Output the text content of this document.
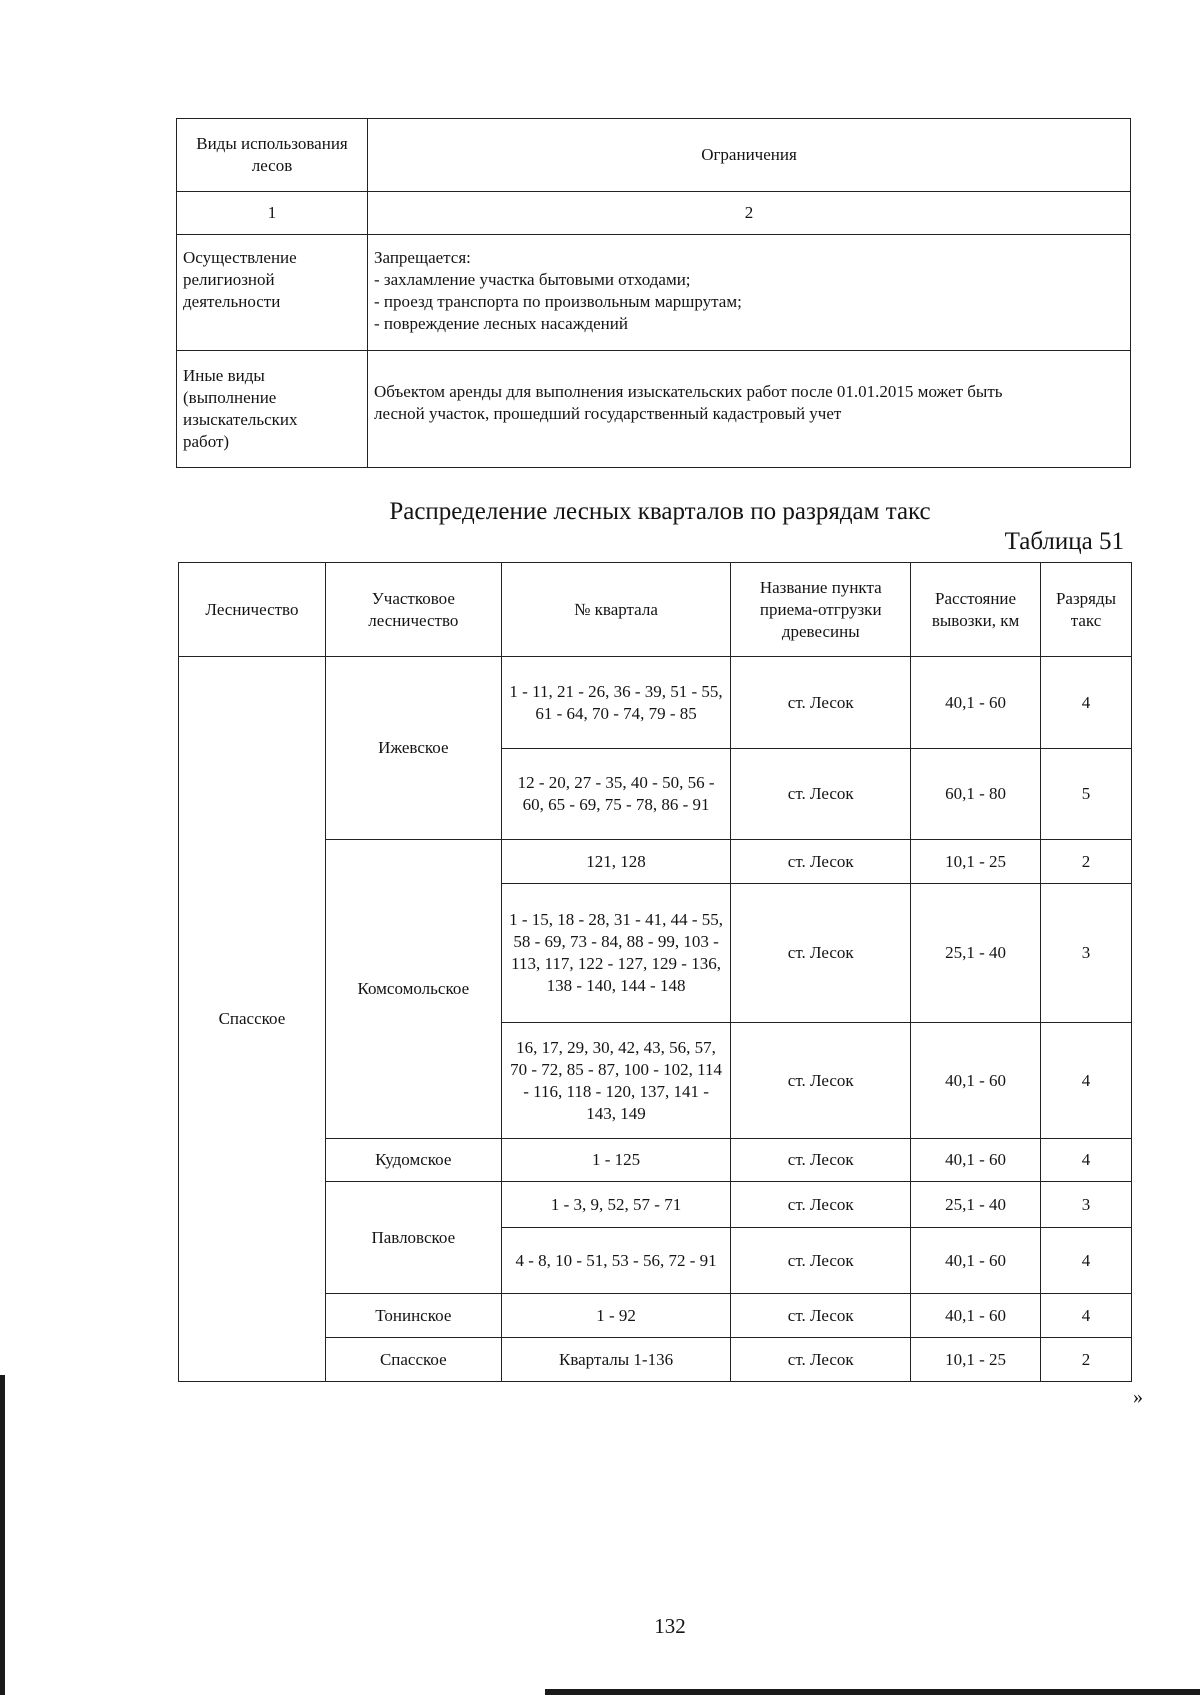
Виды использования лесов	Ограничения
1	2

Осуществление
религиозной
деятельности	Запрещается:
- захламление участка бытовыми отходами;
- проезд транспорта по произвольным маршрутам;
- повреждение лесных насаждений

Иные виды
(выполнение
изыскательских
работ)	Объектом аренды для выполнения изыскательских работ после 01.01.2015 может быть
лесной участок, прошедший государственный кадастровый учет
Распределение лесных кварталов по разрядам такс
Таблица 51
Лесничество	Участковое лесничество	№ квартала	Название пункта приема-отгрузки древесины	Расстояние вывозки, км	Разряды такс
Спасское	Ижевское	1 - 11, 21 - 26, 36 - 39, 51 - 55, 61 - 64, 70 - 74, 79 - 85	ст. Лесок	40,1 - 60	4
		12 - 20, 27 - 35, 40 - 50, 56 - 60, 65 - 69, 75 - 78, 86 - 91	ст. Лесок	60,1 - 80	5
	Комсомольское	121, 128	ст. Лесок	10,1 - 25	2
		1 - 15, 18 - 28, 31 - 41, 44 - 55, 58 - 69, 73 - 84, 88 - 99, 103 - 113, 117, 122 - 127, 129 - 136, 138 - 140, 144 - 148	ст. Лесок	25,1 - 40	3
		16, 17, 29, 30, 42, 43, 56, 57, 70 - 72, 85 - 87, 100 - 102, 114 - 116, 118 - 120, 137, 141 - 143, 149	ст. Лесок	40,1 - 60	4
	Кудомское	1 - 125	ст. Лесок	40,1 - 60	4
	Павловское	1 - 3, 9, 52, 57 - 71	ст. Лесок	25,1 - 40	3
		4 - 8, 10 - 51, 53 - 56, 72 - 91	ст. Лесок	40,1 - 60	4
	Тонинское	1 - 92	ст. Лесок	40,1 - 60	4
	Спасское	Кварталы 1-136	ст. Лесок	10,1 - 25	2
»
132
